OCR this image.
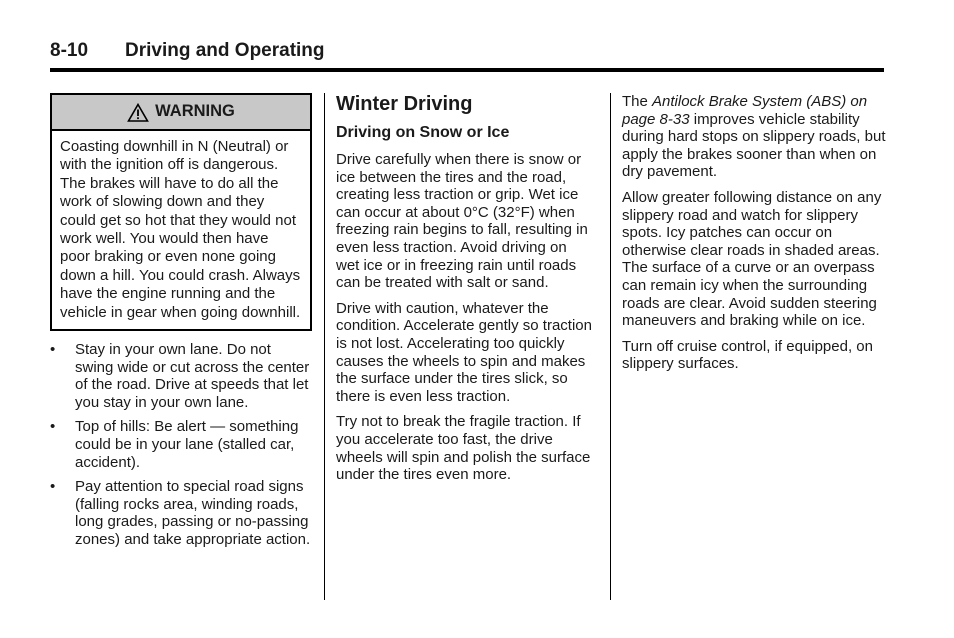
8-10 Driving and Operating
WARNING
Coasting downhill in N (Neutral) or with the ignition off is dangerous. The brakes will have to do all the work of slowing down and they could get so hot that they would not work well. You would then have poor braking or even none going down a hill. You could crash. Always have the engine running and the vehicle in gear when going downhill.
• Stay in your own lane. Do not swing wide or cut across the center of the road. Drive at speeds that let you stay in your own lane.
• Top of hills: Be alert — something could be in your lane (stalled car, accident).
• Pay attention to special road signs (falling rocks area, winding roads, long grades, passing or no-passing zones) and take appropriate action.
Winter Driving
Driving on Snow or Ice

Drive carefully when there is snow or ice between the tires and the road, creating less traction or grip. Wet ice can occur at about 0°C (32°F) when freezing rain begins to fall, resulting in even less traction. Avoid driving on wet ice or in freezing rain until roads can be treated with salt or sand.

Drive with caution, whatever the condition. Accelerate gently so traction is not lost. Accelerating too quickly causes the wheels to spin and makes the surface under the tires slick, so there is even less traction.

Try not to break the fragile traction. If you accelerate too fast, the drive wheels will spin and polish the surface under the tires even more.

The Antilock Brake System (ABS) on page 8-33 improves vehicle stability during hard stops on slippery roads, but apply the brakes sooner than when on dry pavement.

Allow greater following distance on any slippery road and watch for slippery spots. Icy patches can occur on otherwise clear roads in shaded areas. The surface of a curve or an overpass can remain icy when the surrounding roads are clear. Avoid sudden steering maneuvers and braking while on ice.

Turn off cruise control, if equipped, on slippery surfaces.
